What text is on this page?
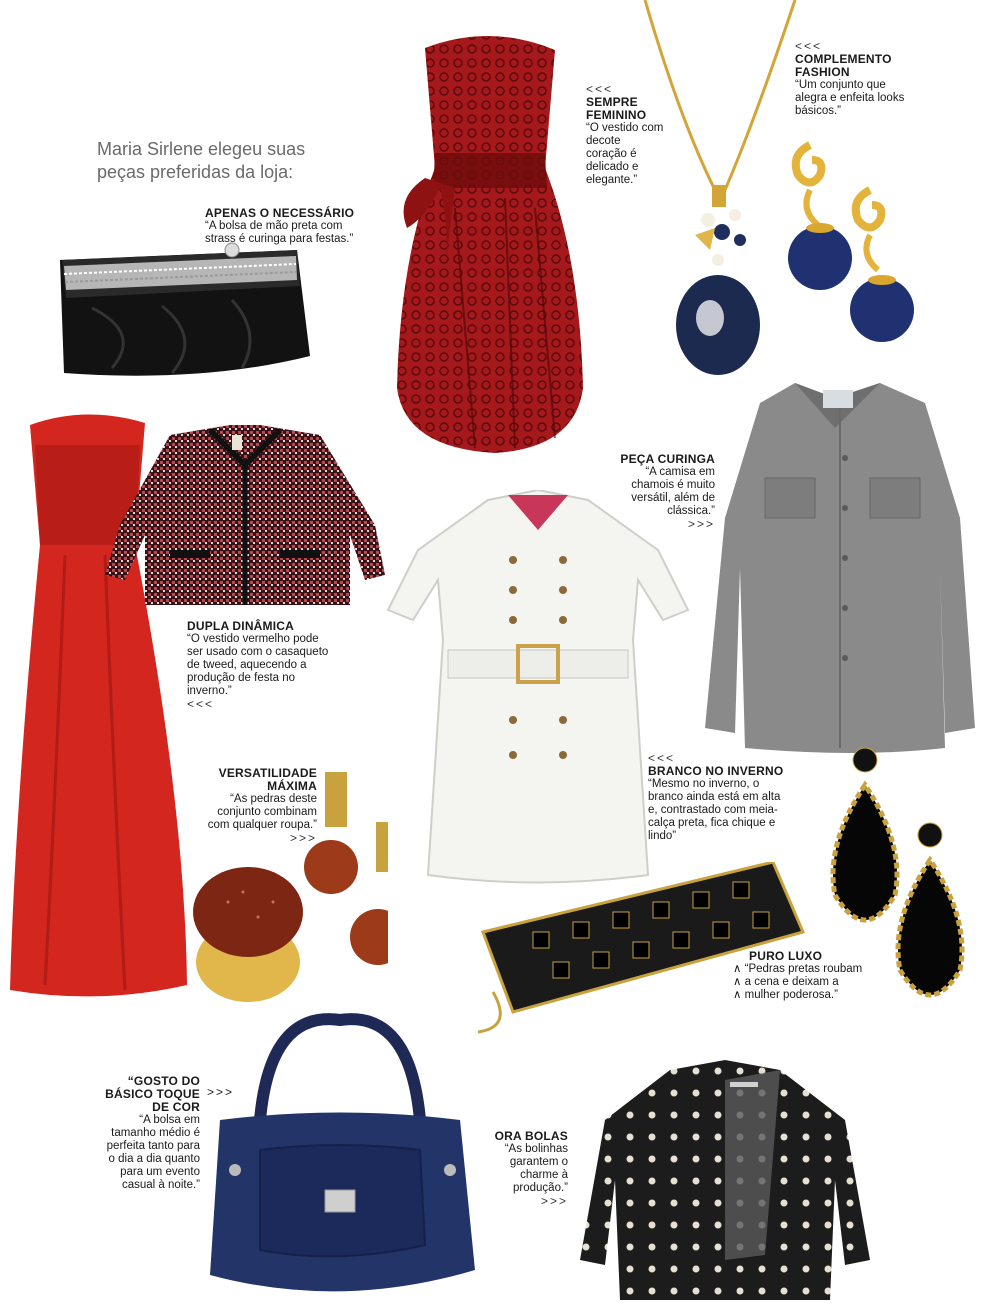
Maria Sirlene elegeu suas peças preferidas da loja:
APENAS O NECESSÁRIO
“A bolsa de mão preta com strass é curinga para festas.”
<<<
SEMPRE FEMININO
“O vestido com decote coração é delicado e elegante.”
<<<
COMPLEMENTO FASHION
“Um conjunto que alegra e enfeita looks básicos.”
PEÇA CURINGA
“A camisa em chamois é muito versátil, além de clássica.”
>>>
DUPLA DINÂMICA
“O vestido vermelho pode ser usado com o casaqueto de tweed, aquecendo a produção de festa no inverno.”
<<<
VERSATILIDADE MÁXIMA
“As pedras deste conjunto combinam com qualquer roupa.”
>>>
<<<
BRANCO NO INVERNO
“Mesmo no inverno, o branco ainda está em alta e, contrastado com meia-calça preta, fica chique e lindo”
PURO LUXO
∧ “Pedras pretas roubam
∧ a cena e deixam a
∧ mulher poderosa.”
>>>
“GOSTO DO BÁSICO TOQUE DE COR
“A bolsa em tamanho médio é perfeita tanto para o dia a dia quanto para um evento casual à noite.”
ORA BOLAS
“As bolinhas garantem o charme à produção.”
>>>
